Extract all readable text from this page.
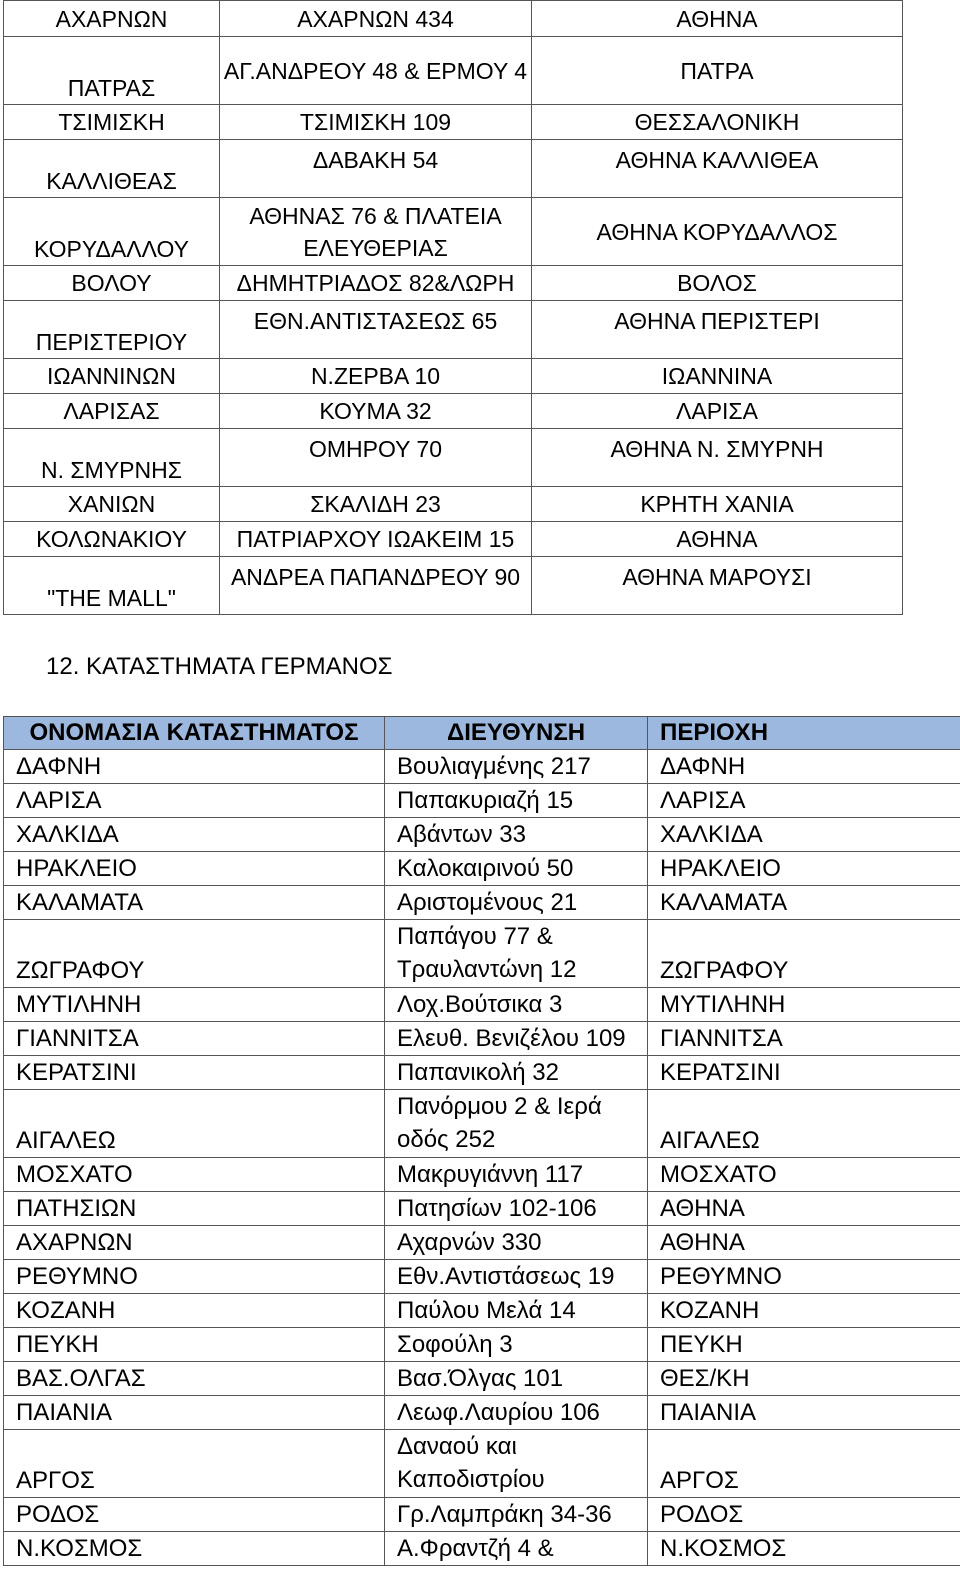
ΑΧΑΡΝΩΝ	ΑΧΑΡΝΩΝ 434	ΑΘΗΝΑ
ΠΑΤΡΑΣ	ΑΓ.ΑΝΔΡΕΟΥ 48 & ΕΡΜΟΥ 4	ΠΑΤΡΑ
ΤΣΙΜΙΣΚΗ	ΤΣΙΜΙΣΚΗ 109	ΘΕΣΣΑΛΟΝΙΚΗ
ΚΑΛΛΙΘΕΑΣ	ΔΑΒΑΚΗ 54	ΑΘΗΝΑ ΚΑΛΛΙΘΕΑ
ΚΟΡΥΔΑΛΛΟΥ	ΑΘΗΝΑΣ 76 & ΠΛΑΤΕΙΑ ΕΛΕΥΘΕΡΙΑΣ	ΑΘΗΝΑ ΚΟΡΥΔΑΛΛΟΣ
ΒΟΛΟΥ	ΔΗΜΗΤΡΙΑΔΟΣ 82&ΛΩΡΗ	ΒΟΛΟΣ
ΠΕΡΙΣΤΕΡΙΟΥ	ΕΘΝ.ΑΝΤΙΣΤΑΣΕΩΣ 65	ΑΘΗΝΑ ΠΕΡΙΣΤΕΡΙ
ΙΩΑΝΝΙΝΩΝ	Ν.ΖΕΡΒΑ 10	ΙΩΑΝΝΙΝΑ
ΛΑΡΙΣΑΣ	ΚΟΥΜΑ 32	ΛΑΡΙΣΑ
Ν. ΣΜΥΡΝΗΣ	ΟΜΗΡΟΥ 70	ΑΘΗΝΑ Ν. ΣΜΥΡΝΗ
ΧΑΝΙΩΝ	ΣΚΑΛΙΔΗ 23	ΚΡΗΤΗ ΧΑΝΙΑ
ΚΟΛΩΝΑΚΙΟΥ	ΠΑΤΡΙΑΡΧΟΥ ΙΩΑΚΕΙΜ 15	ΑΘΗΝΑ
"THE MALL"	ΑΝΔΡΕΑ ΠΑΠΑΝΔΡΕΟΥ 90	ΑΘΗΝΑ ΜΑΡΟΥΣΙ
12. ΚΑΤΑΣΤΗΜΑΤΑ ΓΕΡΜΑΝΟΣ
ΟΝΟΜΑΣΙΑ ΚΑΤΑΣΤΗΜΑΤΟΣ	ΔΙΕΥΘΥΝΣΗ	ΠΕΡΙΟΧΗ
ΔΑΦΝΗ	Βουλιαγμένης 217	ΔΑΦΝΗ
ΛΑΡΙΣΑ	Παπακυριαζή 15	ΛΑΡΙΣΑ
ΧΑΛΚΙΔΑ	Αβάντων 33	ΧΑΛΚΙΔΑ
ΗΡΑΚΛΕΙΟ	Καλοκαιρινού 50	ΗΡΑΚΛΕΙΟ
ΚΑΛΑΜΑΤΑ	Αριστομένους 21	ΚΑΛΑΜΑΤΑ
ΖΩΓΡΑΦΟΥ	Παπάγου 77 & Τραυλαντώνη 12	ΖΩΓΡΑΦΟΥ
ΜΥΤΙΛΗΝΗ	Λοχ.Βούτσικα 3	ΜΥΤΙΛΗΝΗ
ΓΙΑΝΝΙΤΣΑ	Ελευθ. Βενιζέλου 109	ΓΙΑΝΝΙΤΣΑ
ΚΕΡΑΤΣΙΝΙ	Παπανικολή 32	ΚΕΡΑΤΣΙΝΙ
ΑΙΓΑΛΕΩ	Πανόρμου 2 & Ιερά οδός 252	ΑΙΓΑΛΕΩ
ΜΟΣΧΑΤΟ	Μακρυγιάννη 117	ΜΟΣΧΑΤΟ
ΠΑΤΗΣΙΩΝ	Πατησίων 102-106	ΑΘΗΝΑ
ΑΧΑΡΝΩΝ	Αχαρνών 330	ΑΘΗΝΑ
ΡΕΘΥΜΝΟ	Εθν.Αντιστάσεως 19	ΡΕΘΥΜΝΟ
ΚΟΖΑΝΗ	Παύλου Μελά 14	ΚΟΖΑΝΗ
ΠΕΥΚΗ	Σοφούλη 3	ΠΕΥΚΗ
ΒΑΣ.ΟΛΓΑΣ	Βασ.Όλγας 101	ΘΕΣ/ΚΗ
ΠΑΙΑΝΙΑ	Λεωφ.Λαυρίου 106	ΠΑΙΑΝΙΑ
ΑΡΓΟΣ	Δαναού και Καποδιστρίου	ΑΡΓΟΣ
ΡΟΔΟΣ	Γρ.Λαμπράκη 34-36	ΡΟΔΟΣ
Ν.ΚΟΣΜΟΣ	Α.Φραντζή 4 &	Ν.ΚΟΣΜΟΣ
